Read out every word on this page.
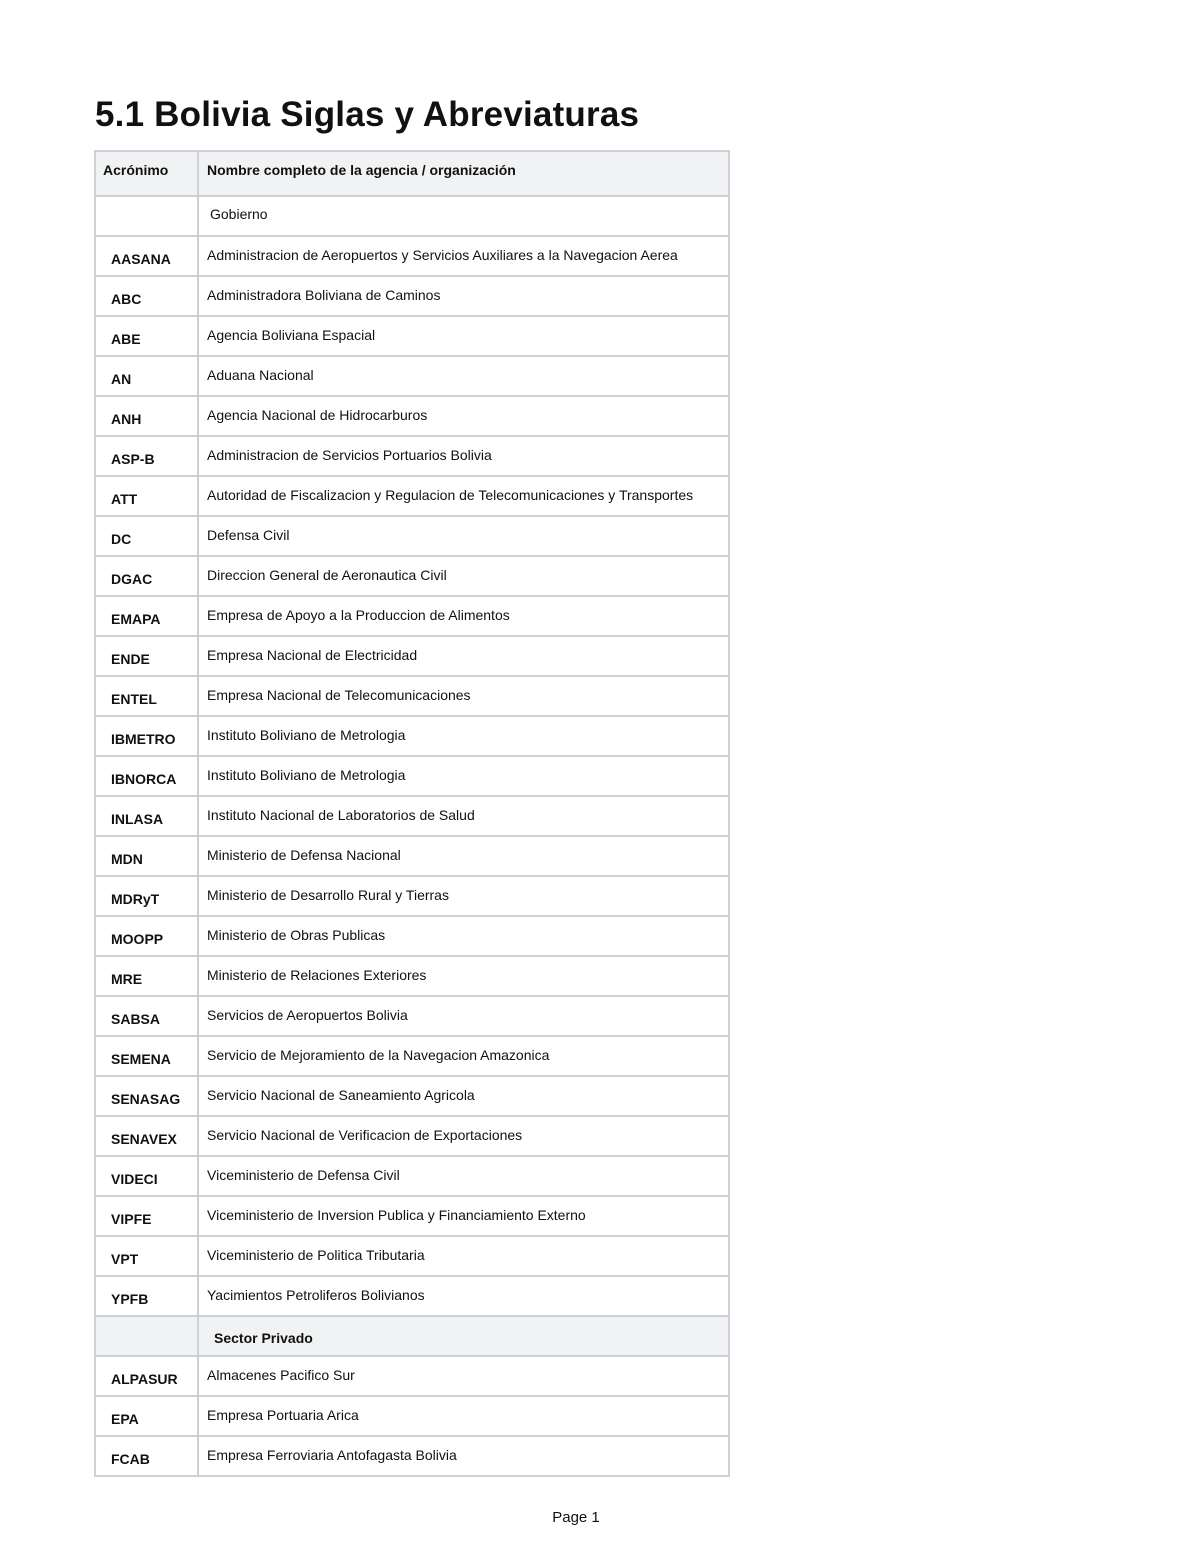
5.1 Bolivia Siglas y Abreviaturas
Acrónimo	Nombre completo de la agencia / organización
	Gobierno
AASANA	Administracion de Aeropuertos y Servicios Auxiliares a la Navegacion Aerea
ABC	Administradora Boliviana de Caminos
ABE	Agencia Boliviana Espacial
AN	Aduana Nacional
ANH	Agencia Nacional de Hidrocarburos
ASP-B	Administracion de Servicios Portuarios Bolivia
ATT	Autoridad de Fiscalizacion y Regulacion de Telecomunicaciones y Transportes
DC	Defensa Civil
DGAC	Direccion General de Aeronautica Civil
EMAPA	Empresa de Apoyo a la Produccion de Alimentos
ENDE	Empresa Nacional de Electricidad
ENTEL	Empresa Nacional de Telecomunicaciones
IBMETRO	Instituto Boliviano de Metrologia
IBNORCA	Instituto Boliviano de Metrologia
INLASA	Instituto Nacional de Laboratorios de Salud
MDN	Ministerio de Defensa Nacional
MDRyT	Ministerio de Desarrollo Rural y Tierras
MOOPP	Ministerio de Obras Publicas
MRE	Ministerio de Relaciones Exteriores
SABSA	Servicios de Aeropuertos Bolivia
SEMENA	Servicio de Mejoramiento de la Navegacion Amazonica
SENASAG	Servicio Nacional de Saneamiento Agricola
SENAVEX	Servicio Nacional de Verificacion de Exportaciones
VIDECI	Viceministerio de Defensa Civil
VIPFE	Viceministerio de Inversion Publica y Financiamiento Externo
VPT	Viceministerio de Politica Tributaria
YPFB	Yacimientos Petroliferos Bolivianos
	Sector Privado
ALPASUR	Almacenes Pacifico Sur
EPA	Empresa Portuaria Arica
FCAB	Empresa Ferroviaria Antofagasta Bolivia
Page 1
